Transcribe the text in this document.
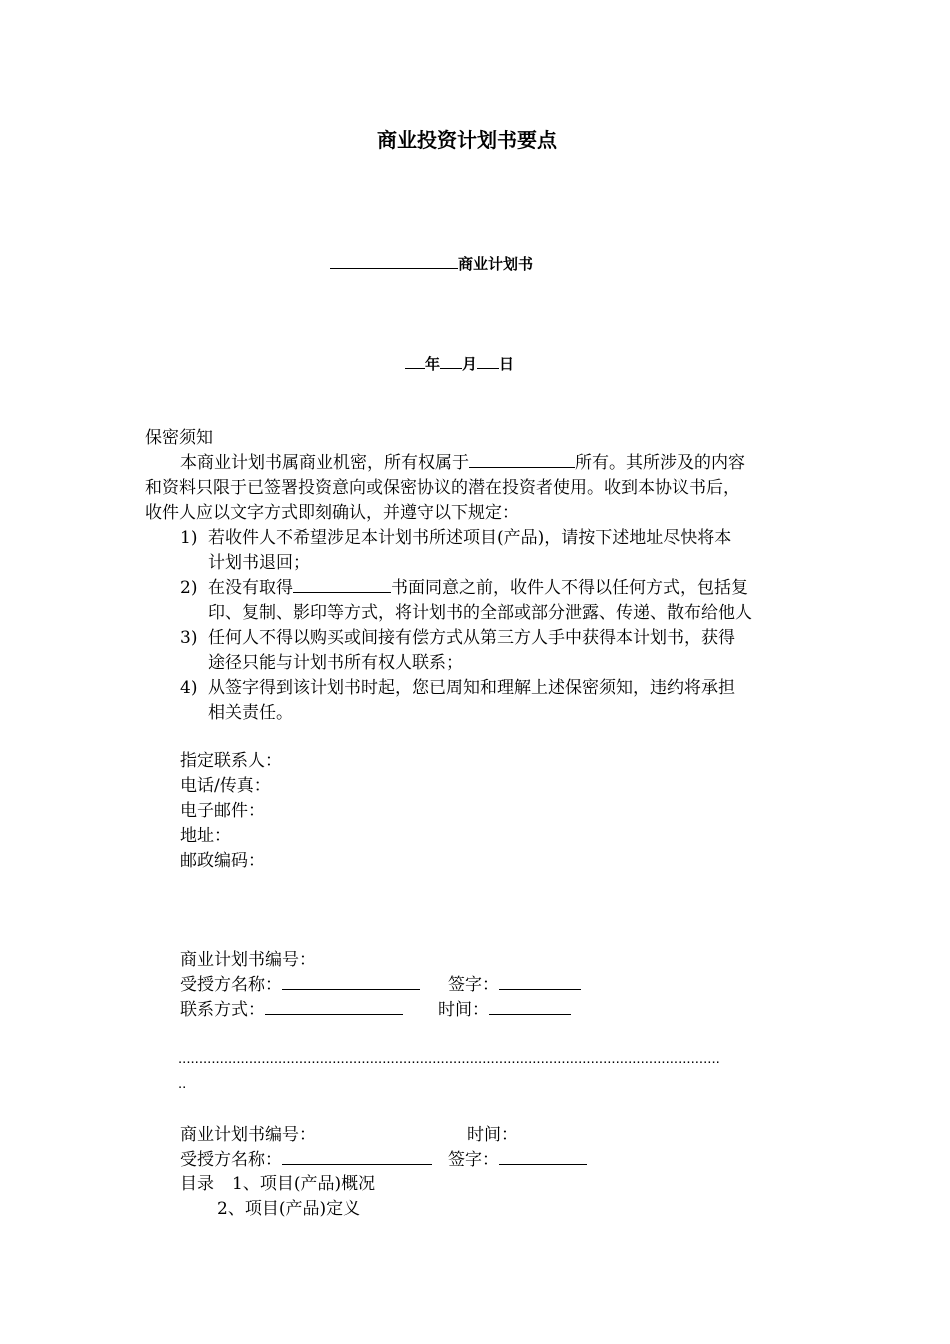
商业投资计划书要点
商业计划书
年 月 日
保密须知
本商业计划书属商业机密，所有权属于	所有。其所涉及的内容
和资料只限于已签署投资意向或保密协议的潜在投资者使用。收到本协议书后，
收件人应以文字方式即刻确认，并遵守以下规定：
1) 若收件人不希望涉足本计划书所述项目(产品)，请按下述地址尽快将本
计划书退回；
2) 在没有取得	书面同意之前，收件人不得以任何方式，包括复
印、复制、影印等方式，将计划书的全部或部分泄露、传递、散布给他人
3) 任何人不得以购买或间接有偿方式从第三方人手中获得本计划书，获得
途径只能与计划书所有权人联系；
4) 从签字得到该计划书时起，您已周知和理解上述保密须知，违约将承担
相关责任。
指定联系人：
电话/传真：
电子邮件：
地址：
邮政编码：
商业计划书编号：
受授方名称：	签字：
联系方式：	时间：
..................................................................................................................................
..
商业计划书编号：	时间：
受授方名称：	签字：
目录 1、项目(产品)概况
2、项目(产品)定义
